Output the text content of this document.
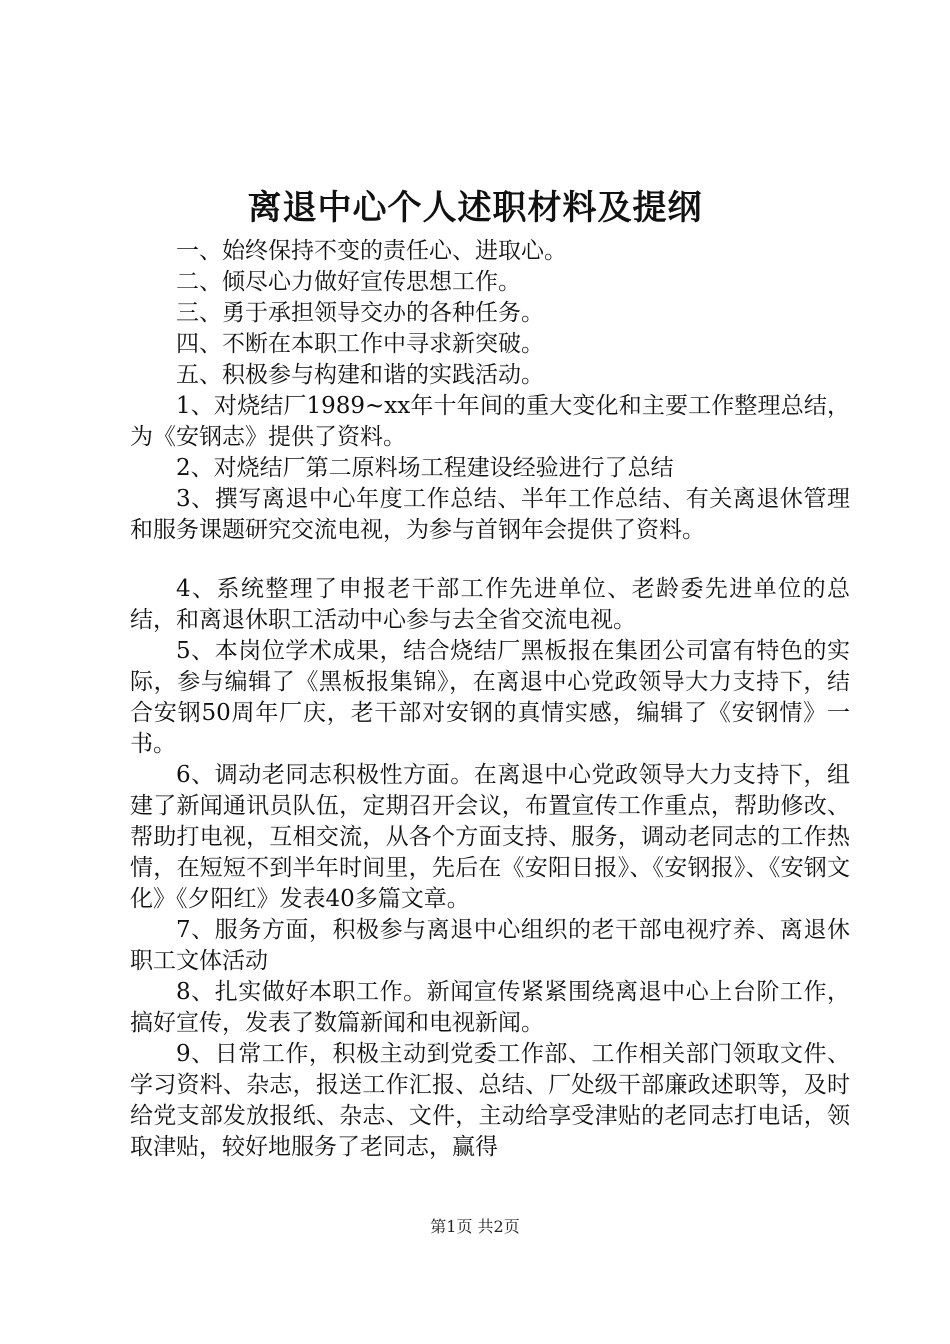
离退中心个人述职材料及提纲

一、始终保持不变的责任心、进取心。

二、倾尽心力做好宣传思想工作。

三、勇于承担领导交办的各种任务。

四、不断在本职工作中寻求新突破。

五、积极参与构建和谐的实践活动。

1、对烧结厂1989~xx年十年间的重大变化和主要工作整理总结，为《安钢志》提供了资料。

2、对烧结厂第二原料场工程建设经验进行了总结

3、撰写离退中心年度工作总结、半年工作总结、有关离退休管理和服务课题研究交流电视，为参与首钢年会提供了资料。

4、系统整理了申报老干部工作先进单位、老龄委先进单位的总结，和离退休职工活动中心参与去全省交流电视。

5、本岗位学术成果，结合烧结厂黑板报在集团公司富有特色的实际，参与编辑了《黑板报集锦》，在离退中心党政领导大力支持下，结合安钢50周年厂庆，老干部对安钢的真情实感，编辑了《安钢情》一书。

6、调动老同志积极性方面。在离退中心党政领导大力支持下，组建了新闻通讯员队伍，定期召开会议，布置宣传工作重点，帮助修改、帮助打电视，互相交流，从各个方面支持、服务，调动老同志的工作热情，在短短不到半年时间里，先后在《安阳日报》、《安钢报》、《安钢文化》《夕阳红》发表40多篇文章。

7、服务方面，积极参与离退中心组织的老干部电视疗养、离退休职工文体活动

8、扎实做好本职工作。新闻宣传紧紧围绕离退中心上台阶工作，搞好宣传，发表了数篇新闻和电视新闻。

9、日常工作，积极主动到党委工作部、工作相关部门领取文件、学习资料、杂志，报送工作汇报、总结、厂处级干部廉政述职等，及时给党支部发放报纸、杂志、文件，主动给享受津贴的老同志打电话，领取津贴，较好地服务了老同志，赢得

第1页 共2页
